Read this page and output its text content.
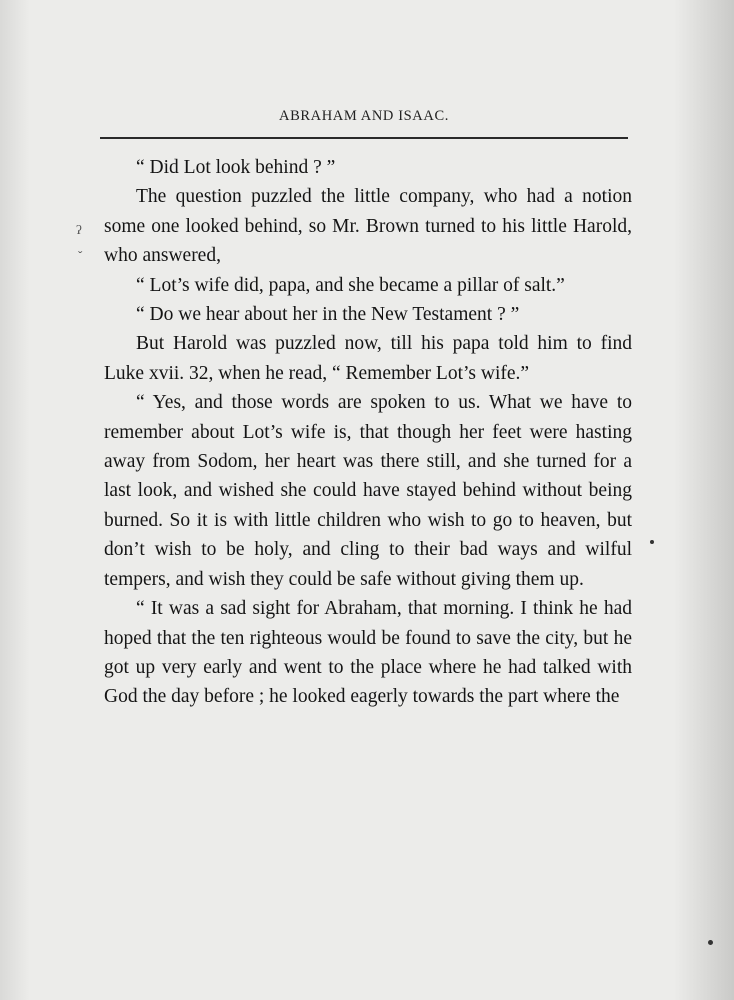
ABRAHAM AND ISAAC.
ʔ
ˇ

“ Did Lot look behind ? ”

The question puzzled the little company, who had a notion some one looked behind, so Mr. Brown turned to his little Harold, who answered,

“ Lot’s wife did, papa, and she became a pillar of salt.”

“ Do we hear about her in the New Testament ? ”

But Harold was puzzled now, till his papa told him to find Luke xvii. 32, when he read, “ Remember Lot’s wife.”

“ Yes, and those words are spoken to us. What we have to remember about Lot’s wife is, that though her feet were hasting away from Sodom, her heart was there still, and she turned for a last look, and wished she could have stayed behind without being burned. So it is with little children who wish to go to heaven, but don’t wish to be holy, and cling to their bad ways and wilful tempers, and wish they could be safe without giving them up.

“ It was a sad sight for Abraham, that morning. I think he had hoped that the ten righteous would be found to save the city, but he got up very early and went to the place where he had talked with God the day before ; he looked eagerly towards the part where the
